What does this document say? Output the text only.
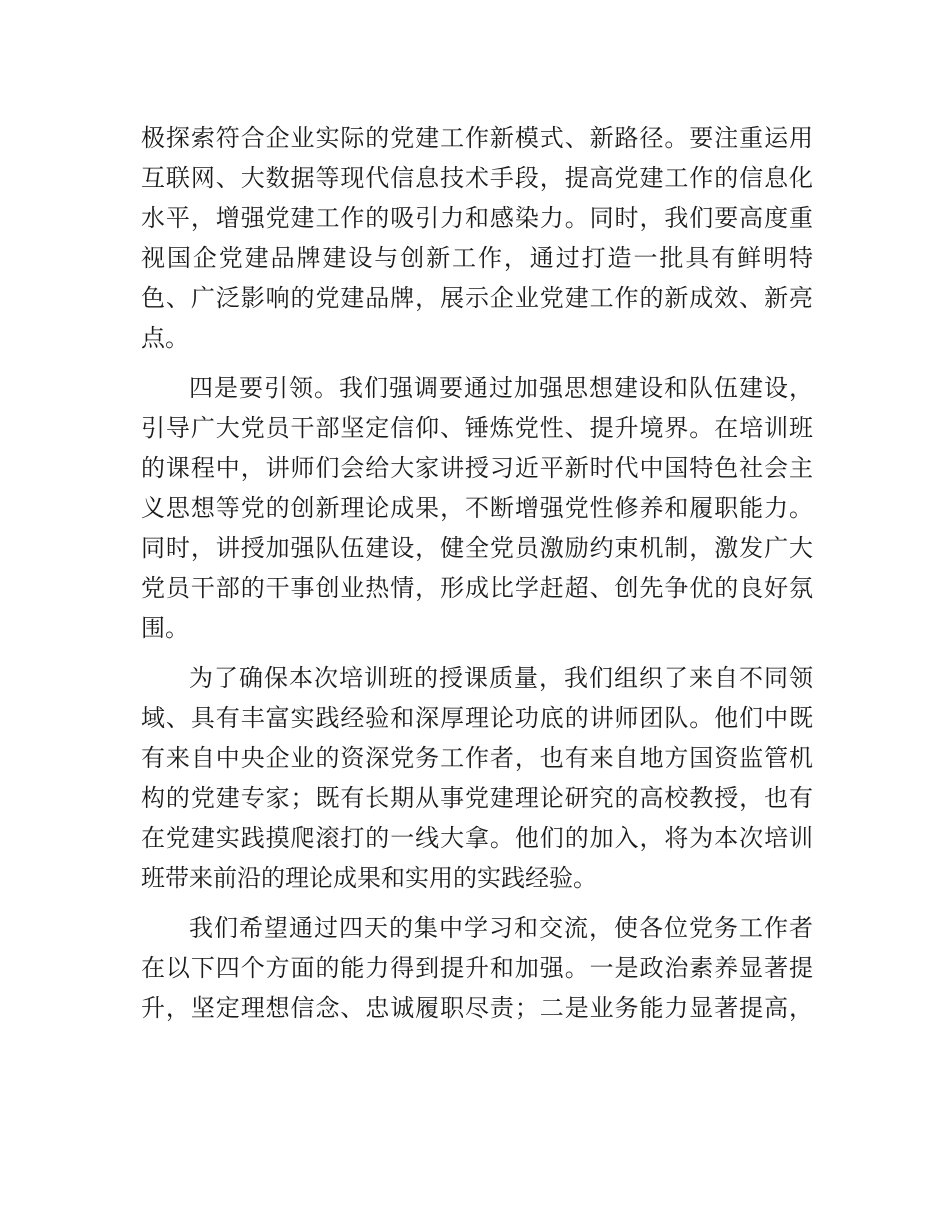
极探索符合企业实际的党建工作新模式、新路径。要注重运用
互联网、大数据等现代信息技术手段，提高党建工作的信息化
水平，增强党建工作的吸引力和感染力。同时，我们要高度重
视国企党建品牌建设与创新工作，通过打造一批具有鲜明特
色、广泛影响的党建品牌，展示企业党建工作的新成效、新亮
点。
四是要引领。我们强调要通过加强思想建设和队伍建设，
引导广大党员干部坚定信仰、锤炼党性、提升境界。在培训班
的课程中，讲师们会给大家讲授习近平新时代中国特色社会主
义思想等党的创新理论成果，不断增强党性修养和履职能力。
同时，讲授加强队伍建设，健全党员激励约束机制，激发广大
党员干部的干事创业热情，形成比学赶超、创先争优的良好氛
围。
为了确保本次培训班的授课质量，我们组织了来自不同领
域、具有丰富实践经验和深厚理论功底的讲师团队。他们中既
有来自中央企业的资深党务工作者，也有来自地方国资监管机
构的党建专家；既有长期从事党建理论研究的高校教授，也有
在党建实践摸爬滚打的一线大拿。他们的加入，将为本次培训
班带来前沿的理论成果和实用的实践经验。
我们希望通过四天的集中学习和交流，使各位党务工作者
在以下四个方面的能力得到提升和加强。一是政治素养显著提
升，坚定理想信念、忠诚履职尽责；二是业务能力显著提高，
